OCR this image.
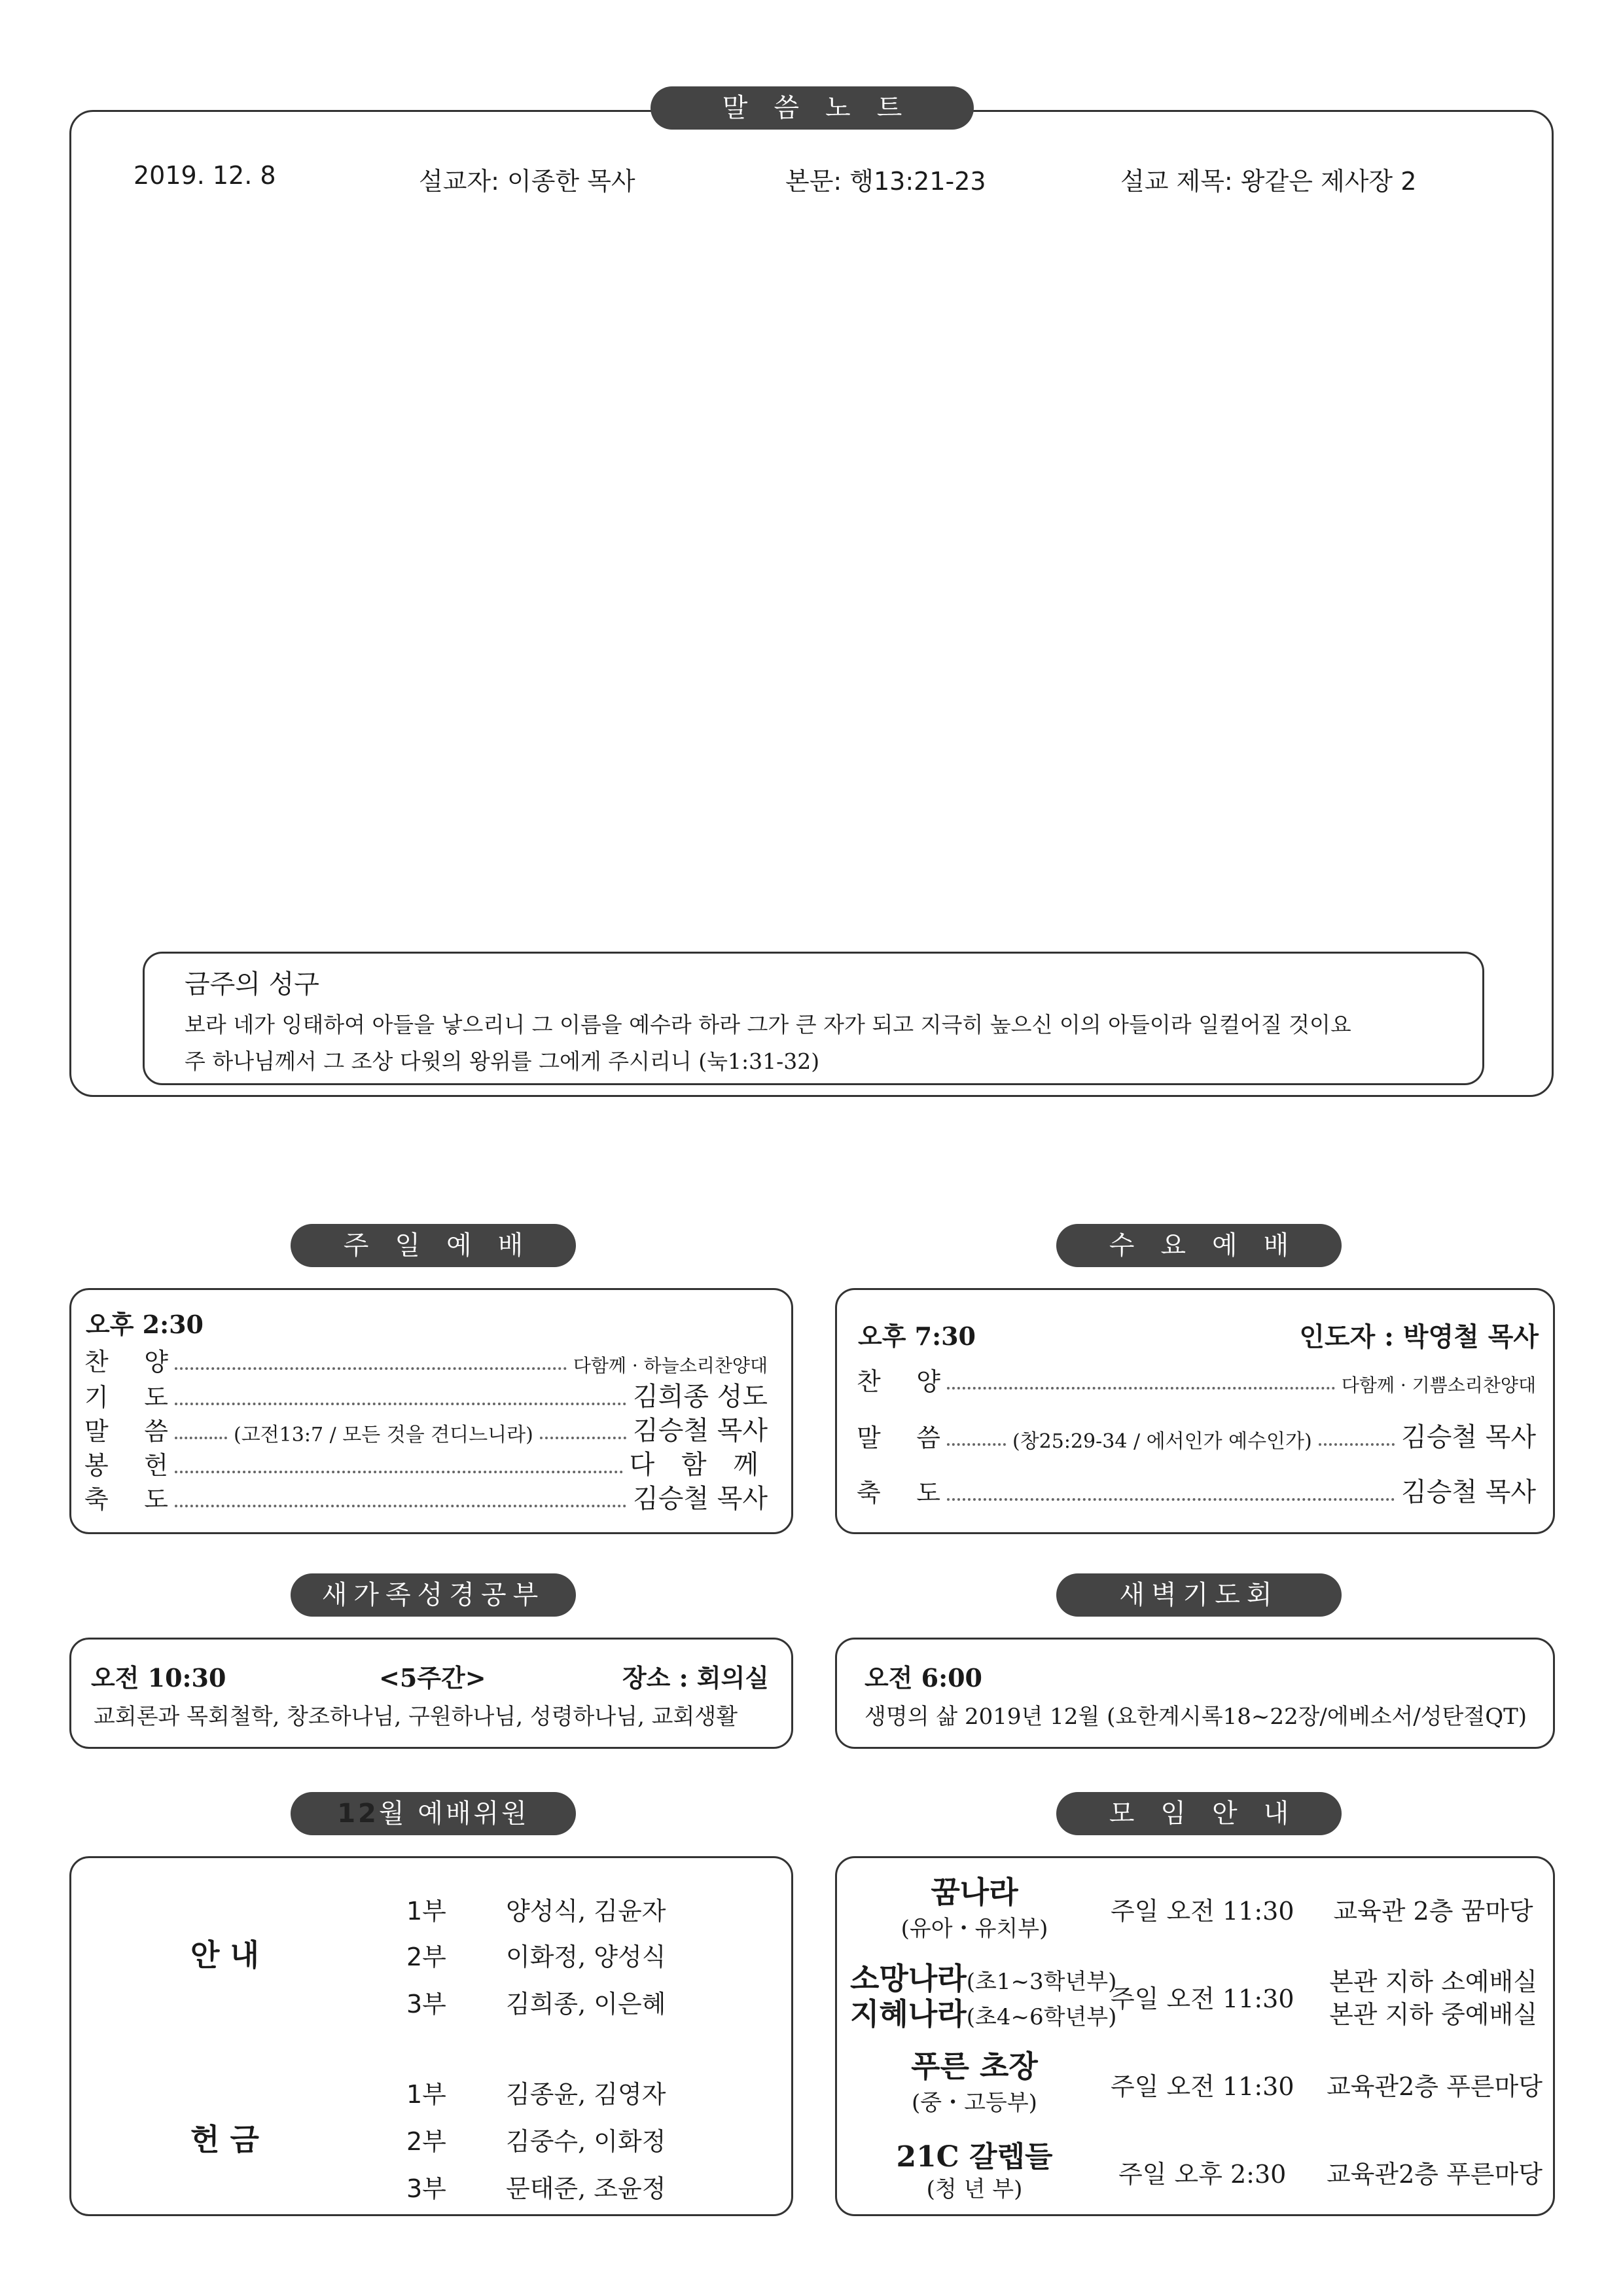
말씀노트
2019. 12. 8	설교자: 이종한 목사	본문: 행13:21-23	설교 제목: 왕같은 제사장 2
금주의 성구
보라 네가 잉태하여 아들을 낳으리니 그 이름을 예수라 하라 그가 큰 자가 되고 지극히 높으신 이의 아들이라 일컬어질 것이요
주 하나님께서 그 조상 다윗의 왕위를 그에게 주시리니 (눅1:31-32)
주일예배
오후 2:30
찬 양	다함께 · 하늘소리찬양대
기 도	김희종 성도
말 씀	(고전13:7 / 모든 것을 견디느니라)	김승철 목사
봉 헌	다 함 께
축 도	김승철 목사
수요예배
오후 7:30	인도자 : 박영철 목사
찬 양	다함께 · 기쁨소리찬양대
말 씀	(창25:29-34 / 에서인가 예수인가)	김승철 목사
축 도	김승철 목사
새가족성경공부
오전 10:30	<5주간>	장소 : 회의실
교회론과 목회철학, 창조하나님, 구원하나님, 성령하나님, 교회생활
새벽기도회
오전 6:00
생명의 삶 2019년 12월 (요한계시록18~22장/에베소서/성탄절QT)
12월 예배위원
안 내
1부 양성식, 김윤자
2부 이화정, 양성식
3부 김희종, 이은혜
헌 금
1부 김종윤, 김영자
2부 김중수, 이화정
3부 문태준, 조윤정
모임안내
꿈나라
(유아・유치부)
주일 오전 11:30 교육관 2층 꿈마당
소망나라(초1~3학년부)
지혜나라(초4~6학년부)
주일 오전 11:30
본관 지하 소예배실
본관 지하 중예배실
푸른 초장
(중・고등부)
주일 오전 11:30 교육관2층 푸른마당
21C 갈렙들
(청 년 부)
주일 오후 2:30 교육관2층 푸른마당
